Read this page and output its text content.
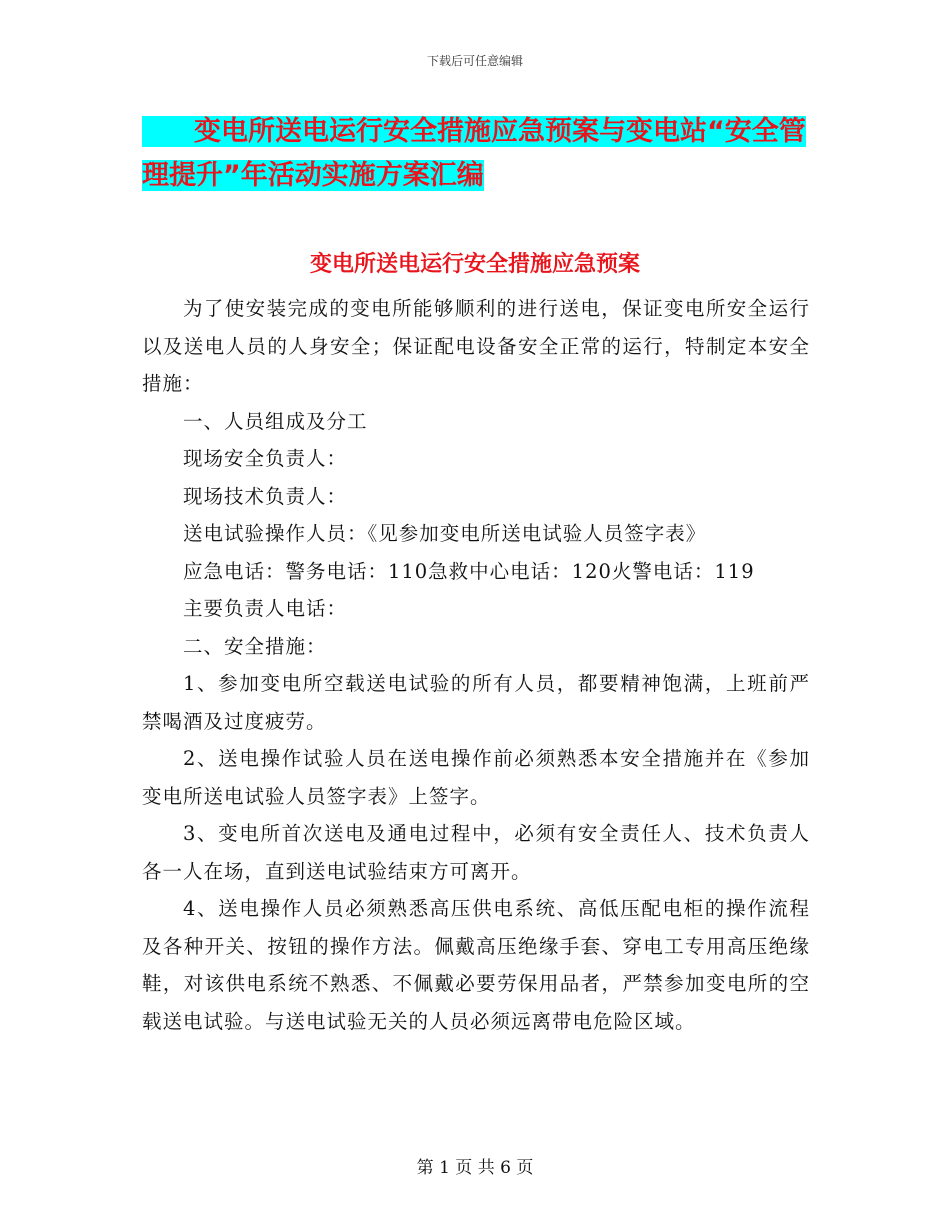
下载后可任意编辑
变电所送电运行安全措施应急预案与变电站“安全管
理提升”年活动实施方案汇编
变电所送电运行安全措施应急预案

为了使安装完成的变电所能够顺利的进行送电，保证变电所安全运行以及送电人员的人身安全；保证配电设备安全正常的运行，特制定本安全措施：

一、人员组成及分工

现场安全负责人：

现场技术负责人：

送电试验操作人员：《见参加变电所送电试验人员签字表》

应急电话：警务电话：110急救中心电话：120火警电话：119

主要负责人电话：

二、安全措施：

1、参加变电所空载送电试验的所有人员，都要精神饱满，上班前严禁喝酒及过度疲劳。

2、送电操作试验人员在送电操作前必须熟悉本安全措施并在《参加变电所送电试验人员签字表》上签字。

3、变电所首次送电及通电过程中，必须有安全责任人、技术负责人各一人在场，直到送电试验结束方可离开。

4、送电操作人员必须熟悉高压供电系统、高低压配电柜的操作流程及各种开关、按钮的操作方法。佩戴高压绝缘手套、穿电工专用高压绝缘鞋，对该供电系统不熟悉、不佩戴必要劳保用品者，严禁参加变电所的空载送电试验。与送电试验无关的人员必须远离带电危险区域。

第 1 页 共 6 页
